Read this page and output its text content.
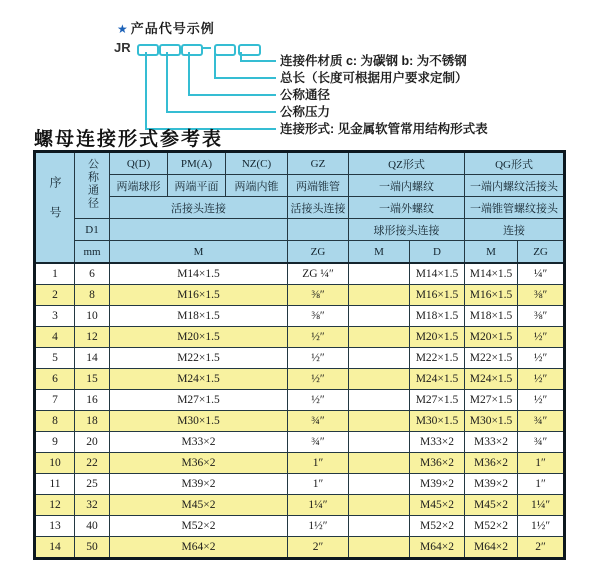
★ 产品代号示例
JR
连接件材质 c: 为碳钢 b: 为不锈钢
总长（长度可根据用户要求定制）
公称通径
公称压力
连接形式: 见金属软管常用结构形式表
螺母连接形式参考表
序号	公称通径	Q(D)	PM(A)	NZ(C)	GZ	QZ形式		QG形式	
		两端球形	两端平面	两端内锥	两端锥管	一端内螺纹		一端内螺纹活接头	
		活接头连接			活接头连接	一端外螺纹		一端锥管螺纹接头	
	D1					球形接头连接		连接	
	mm	M			ZG	M	D	M	ZG
1	6	M14×1.5			ZG ¼″		M14×1.5	M14×1.5	¼″
2	8	M16×1.5			⅜″		M16×1.5	M16×1.5	⅜″
3	10	M18×1.5			⅜″		M18×1.5	M18×1.5	⅜″
4	12	M20×1.5			½″		M20×1.5	M20×1.5	½″
5	14	M22×1.5			½″		M22×1.5	M22×1.5	½″
6	15	M24×1.5			½″		M24×1.5	M24×1.5	½″
7	16	M27×1.5			½″		M27×1.5	M27×1.5	½″
8	18	M30×1.5			¾″		M30×1.5	M30×1.5	¾″
9	20	M33×2			¾″		M33×2	M33×2	¾″
10	22	M36×2			1″		M36×2	M36×2	1″
11	25	M39×2			1″		M39×2	M39×2	1″
12	32	M45×2			1¼″		M45×2	M45×2	1¼″
13	40	M52×2			1½″		M52×2	M52×2	1½″
14	50	M64×2			2″		M64×2	M64×2	2″
